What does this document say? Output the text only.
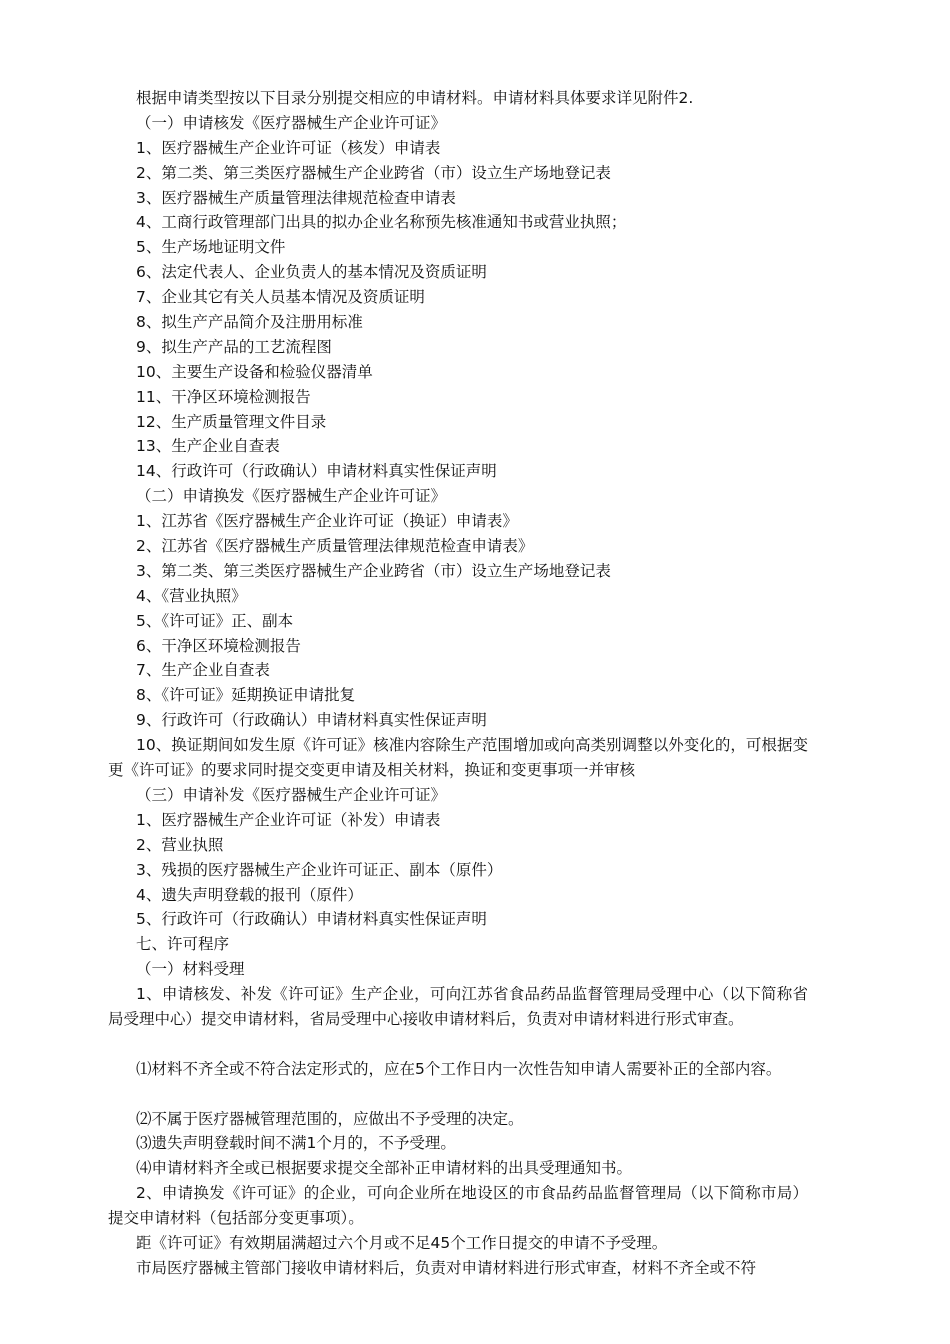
根据申请类型按以下目录分别提交相应的申请材料。申请材料具体要求详见附件2.
（一）申请核发《医疗器械生产企业许可证》
1、医疗器械生产企业许可证（核发）申请表
2、第二类、第三类医疗器械生产企业跨省（市）设立生产场地登记表
3、医疗器械生产质量管理法律规范检查申请表
4、工商行政管理部门出具的拟办企业名称预先核准通知书或营业执照；
5、生产场地证明文件
6、法定代表人、企业负责人的基本情况及资质证明
7、企业其它有关人员基本情况及资质证明
8、拟生产产品简介及注册用标准
9、拟生产产品的工艺流程图
10、主要生产设备和检验仪器清单
11、干净区环境检测报告
12、生产质量管理文件目录
13、生产企业自查表
14、行政许可（行政确认）申请材料真实性保证声明
（二）申请换发《医疗器械生产企业许可证》
1、江苏省《医疗器械生产企业许可证（换证）申请表》
2、江苏省《医疗器械生产质量管理法律规范检查申请表》
3、第二类、第三类医疗器械生产企业跨省（市）设立生产场地登记表
4、《营业执照》
5、《许可证》正、副本
6、干净区环境检测报告
7、生产企业自查表
8、《许可证》延期换证申请批复
9、行政许可（行政确认）申请材料真实性保证声明
10、换证期间如发生原《许可证》核准内容除生产范围增加或向高类别调整以外变化的，可根据变更《许可证》的要求同时提交变更申请及相关材料，换证和变更事项一并审核
（三）申请补发《医疗器械生产企业许可证》
1、医疗器械生产企业许可证（补发）申请表
2、营业执照
3、残损的医疗器械生产企业许可证正、副本（原件）
4、遗失声明登载的报刊（原件）
5、行政许可（行政确认）申请材料真实性保证声明
七、许可程序
（一）材料受理
1、申请核发、补发《许可证》生产企业，可向江苏省食品药品监督管理局受理中心（以下简称省局受理中心）提交申请材料，省局受理中心接收申请材料后，负责对申请材料进行形式审查。
⑴材料不齐全或不符合法定形式的，应在5个工作日内一次性告知申请人需要补正的全部内容。
⑵不属于医疗器械管理范围的，应做出不予受理的决定。
⑶遗失声明登载时间不满1个月的，不予受理。
⑷申请材料齐全或已根据要求提交全部补正申请材料的出具受理通知书。
2、申请换发《许可证》的企业，可向企业所在地设区的市食品药品监督管理局（以下简称市局）提交申请材料（包括部分变更事项）。
距《许可证》有效期届满超过六个月或不足45个工作日提交的申请不予受理。
市局医疗器械主管部门接收申请材料后，负责对申请材料进行形式审查，材料不齐全或不符
